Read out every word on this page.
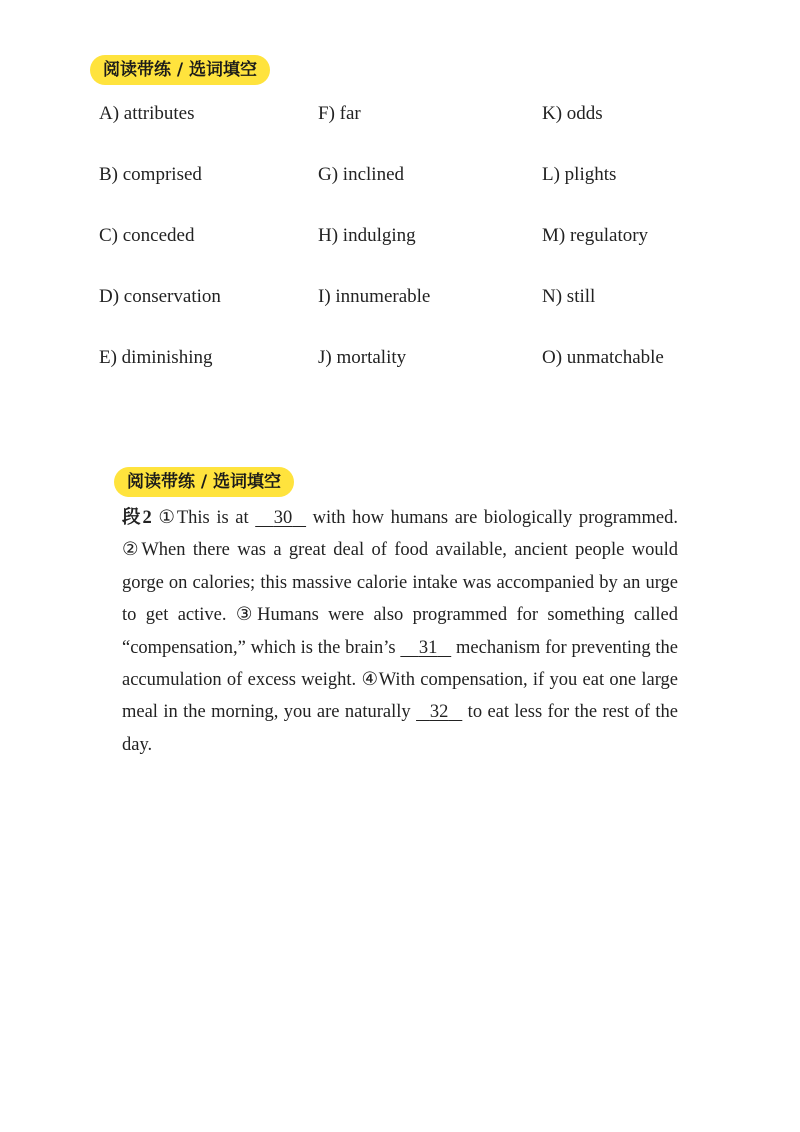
阅读带练 / 选词填空
A) attributes	F) far	K) odds
B) comprised	G) inclined	L) plights
C) conceded	H) indulging	M) regulatory
D) conservation	I) innumerable	N) still
E) diminishing	J) mortality	O) unmatchable
阅读带练 / 选词填空
段2 ①This is at     30    with how humans are biologically programmed. ②When there was a great deal of food available, ancient people would gorge on calories; this massive calorie intake was accompanied by an urge to get active. ③Humans were also programmed for something called “compensation,” which is the brain’s     31    mechanism for preventing the accumulation of excess weight. ④With compensation, if you eat one large meal in the morning, you are naturally    32    to eat less for the rest of the day.
